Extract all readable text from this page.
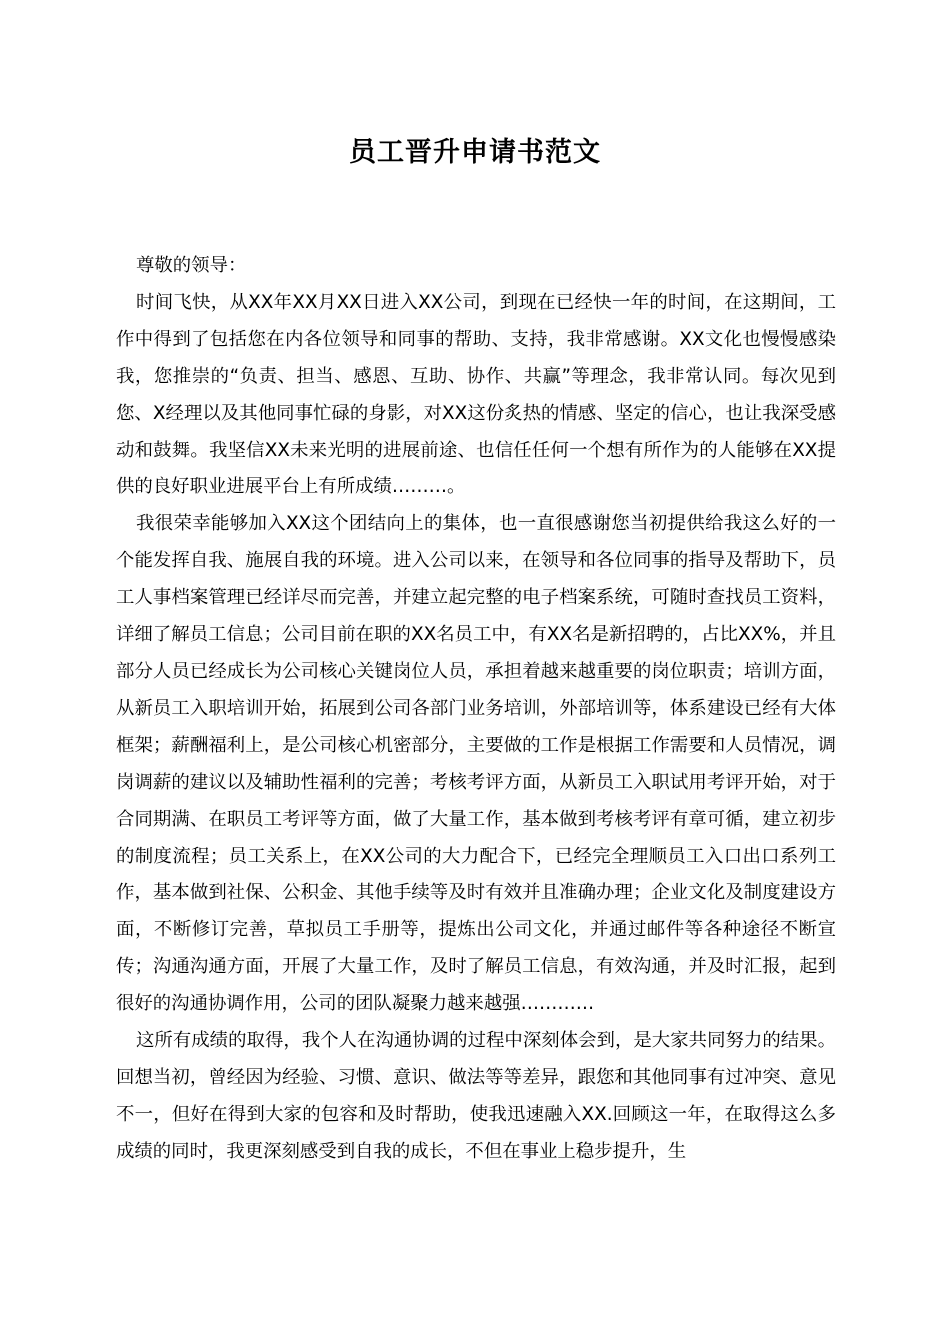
员工晋升申请书范文

尊敬的领导：

时间飞快，从XX年XX月XX日进入XX公司，到现在已经快一年的时间，在这期间，工作中得到了包括您在内各位领导和同事的帮助、支持，我非常感谢。XX文化也慢慢感染我，您推崇的“负责、担当、感恩、互助、协作、共赢”等理念，我非常认同。每次见到您、X经理以及其他同事忙碌的身影，对XX这份炙热的情感、坚定的信心，也让我深受感动和鼓舞。我坚信XX未来光明的进展前途、也信任任何一个想有所作为的人能够在XX提供的良好职业进展平台上有所成绩………。

我很荣幸能够加入XX这个团结向上的集体，也一直很感谢您当初提供给我这么好的一个能发挥自我、施展自我的环境。进入公司以来，在领导和各位同事的指导及帮助下，员工人事档案管理已经详尽而完善，并建立起完整的电子档案系统，可随时查找员工资料，详细了解员工信息；公司目前在职的XX名员工中，有XX名是新招聘的，占比XX%，并且部分人员已经成长为公司核心关键岗位人员，承担着越来越重要的岗位职责；培训方面，从新员工入职培训开始，拓展到公司各部门业务培训，外部培训等，体系建设已经有大体框架；薪酬福利上，是公司核心机密部分，主要做的工作是根据工作需要和人员情况，调岗调薪的建议以及辅助性福利的完善；考核考评方面，从新员工入职试用考评开始，对于合同期满、在职员工考评等方面，做了大量工作，基本做到考核考评有章可循，建立初步的制度流程；员工关系上，在XX公司的大力配合下，已经完全理顺员工入口出口系列工作，基本做到社保、公积金、其他手续等及时有效并且准确办理；企业文化及制度建设方面，不断修订完善，草拟员工手册等，提炼出公司文化，并通过邮件等各种途径不断宣传；沟通沟通方面，开展了大量工作，及时了解员工信息，有效沟通，并及时汇报，起到很好的沟通协调作用，公司的团队凝聚力越来越强…………

这所有成绩的取得，我个人在沟通协调的过程中深刻体会到，是大家共同努力的结果。回想当初，曾经因为经验、习惯、意识、做法等等差异，跟您和其他同事有过冲突、意见不一，但好在得到大家的包容和及时帮助，使我迅速融入XX.回顾这一年，在取得这么多成绩的同时，我更深刻感受到自我的成长，不但在事业上稳步提升，生
